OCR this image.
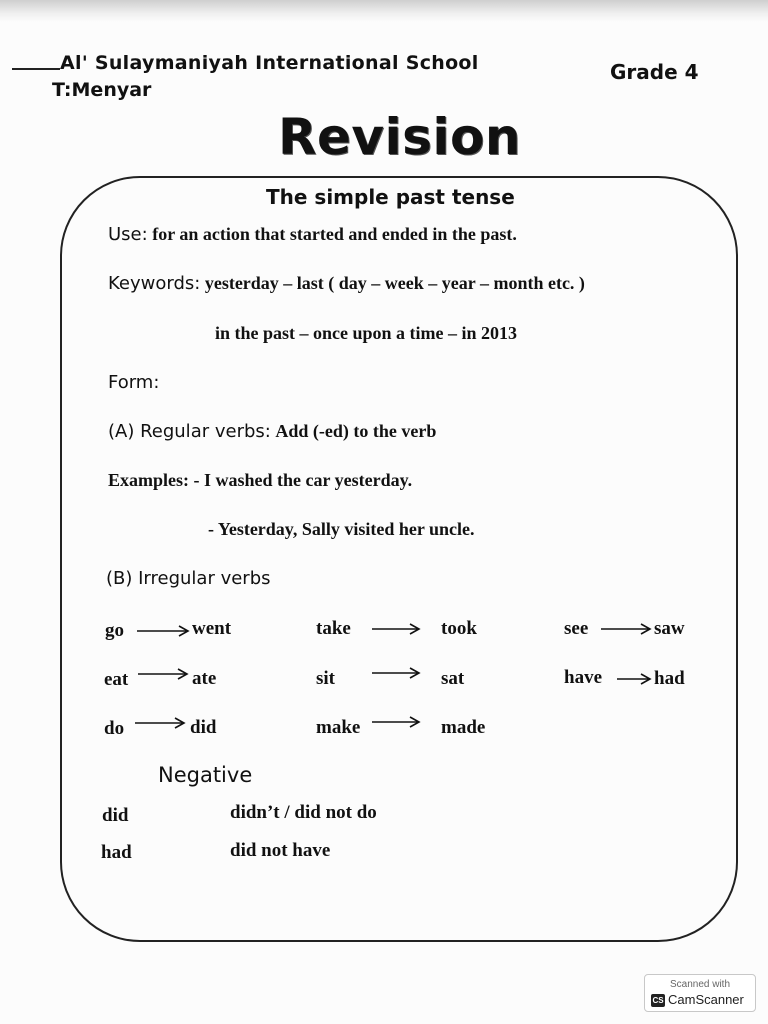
Al' Sulaymaniyah International School
T:Menyar
Grade 4
Revision
The simple past tense
Use: for an action that started and ended in the past.
Keywords: yesterday – last ( day – week – year – month etc. )
in the past – once upon a time – in 2013
Form:
(A) Regular verbs: Add (-ed) to the verb
Examples: - I washed the car yesterday.
- Yesterday, Sally visited her uncle.
(B) Irregular verbs
go	went	take	took	see	saw
eat	ate	sit	sat	have	had
do	did	make	made
Negative
did	didn’t / did not do
had	did not have
Scanned with
CS CamScanner
